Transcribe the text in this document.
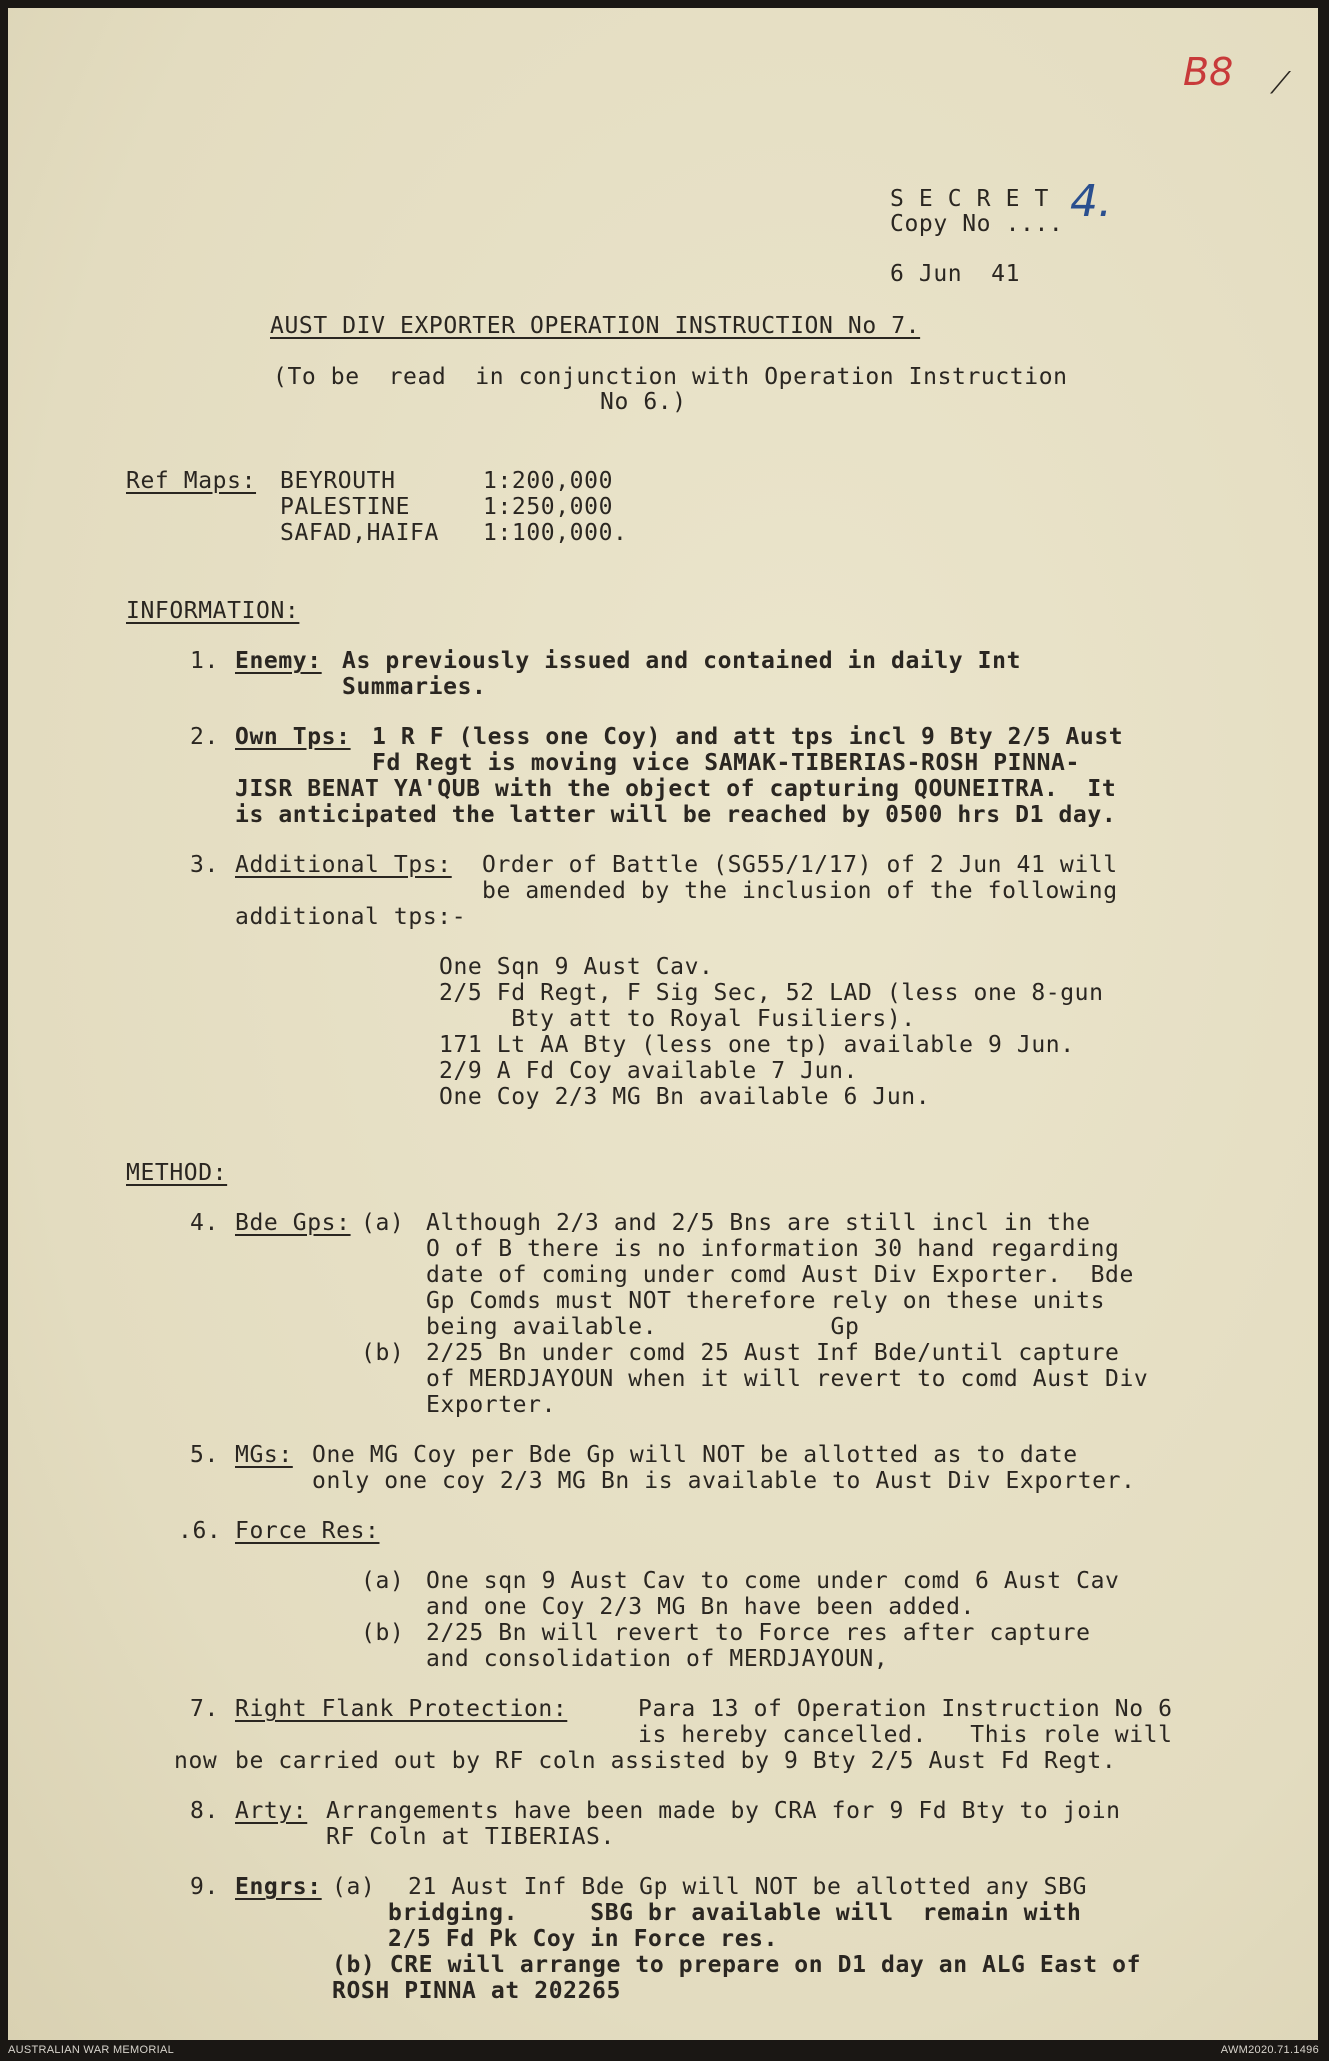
B8 ⟋
S E C R E T
Copy No .... 4.
6 Jun  41
AUST DIV EXPORTER OPERATION INSTRUCTION No 7.
(To be  read  in conjunction with Operation Instruction
No 6.)
Ref Maps: BEYROUTH	1:200,000
PALESTINE	1:250,000
SAFAD,HAIFA 1:100,000.
INFORMATION:
1. Enemy: As previously issued and contained in daily Int
Summaries.
2. Own Tps: 1 R F (less one Coy) and att tps incl 9 Bty 2/5 Aust
Fd Regt is moving vice SAMAK-TIBERIAS-ROSH PINNA-
JISR BENAT YA'QUB with the object of capturing QOUNEITRA.  It
is anticipated the latter will be reached by 0500 hrs D1 day.
3. Additional Tps: Order of Battle (SG55/1/17) of 2 Jun 41 will
be amended by the inclusion of the following
additional tps:-
One Sqn 9 Aust Cav.
2/5 Fd Regt, F Sig Sec, 52 LAD (less one 8-gun
Bty att to Royal Fusiliers).
171 Lt AA Bty (less one tp) available 9 Jun.
2/9 A Fd Coy available 7 Jun.
One Coy 2/3 MG Bn available 6 Jun.
METHOD:
4. Bde Gps: (a) Although 2/3 and 2/5 Bns are still incl in the
O of B there is no information 30 hand regarding
date of coming under comd Aust Div Exporter.  Bde
Gp Comds must NOT therefore rely on these units
being available.            Gp
(b) 2/25 Bn under comd 25 Aust Inf Bde/until capture
of MERDJAYOUN when it will revert to comd Aust Div
Exporter.
5. MGs: One MG Coy per Bde Gp will NOT be allotted as to date
only one coy 2/3 MG Bn is available to Aust Div Exporter.
.6. Force Res:
(a) One sqn 9 Aust Cav to come under comd 6 Aust Cav
and one Coy 2/3 MG Bn have been added.
(b) 2/25 Bn will revert to Force res after capture
and consolidation of MERDJAYOUN,
7. Right Flank Protection:	Para 13 of Operation Instruction No 6
is hereby cancelled.   This role will
now be carried out by RF coln assisted by 9 Bty 2/5 Aust Fd Regt.
8. Arty: Arrangements have been made by CRA for 9 Fd Bty to join
RF Coln at TIBERIAS.
9. Engrs: (a) 21 Aust Inf Bde Gp will NOT be allotted any SBG
bridging.     SBG br available will  remain with
2/5 Fd Pk Coy in Force res.
(b) CRE will arrange to prepare on D1 day an ALG East of
ROSH PINNA at 202265
AUSTRALIAN WAR MEMORIAL	AWM2020.71.1496
